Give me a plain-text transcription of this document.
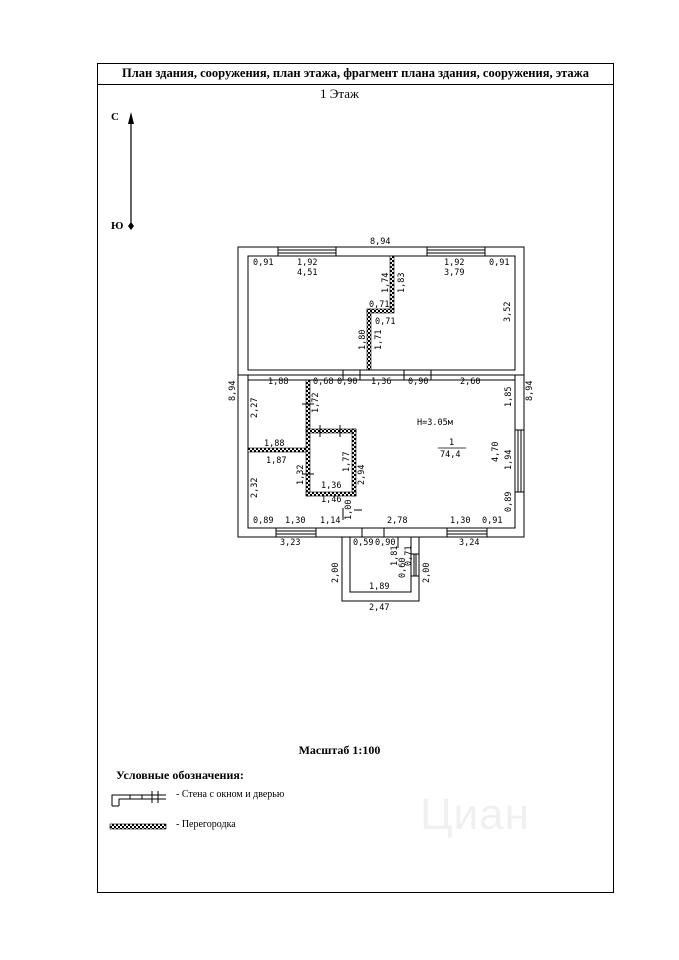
План здания, сооружения, план этажа, фрагмент плана здания, сооружения, этажа
1 Этаж
С
Ю
8,94
0,91	1,92
4,51
1,92
3,79
0,91
1,74 1,83
0,71
0,71
1,80 1,71
3,52
8,94	8,94
1,88	0,68 0,90 1,36 0,90	2,60
1,72
2,27
1,85
H=3.05м
1
74,4
1,88
1,32
1,87	1,77
2,94
1,36
1,46 1,00
2,32
4,70 1,94
0,89
0,89 1,30 1,14	2,78	1,30 0,91
3,23	3,24
0,59 0,90
1,81
0,60
0,71
2,00	2,00
1,89
2,47
Масштаб 1:100
Условные обозначения:
- Стена с окном и дверью
- Перегородка	Циан
